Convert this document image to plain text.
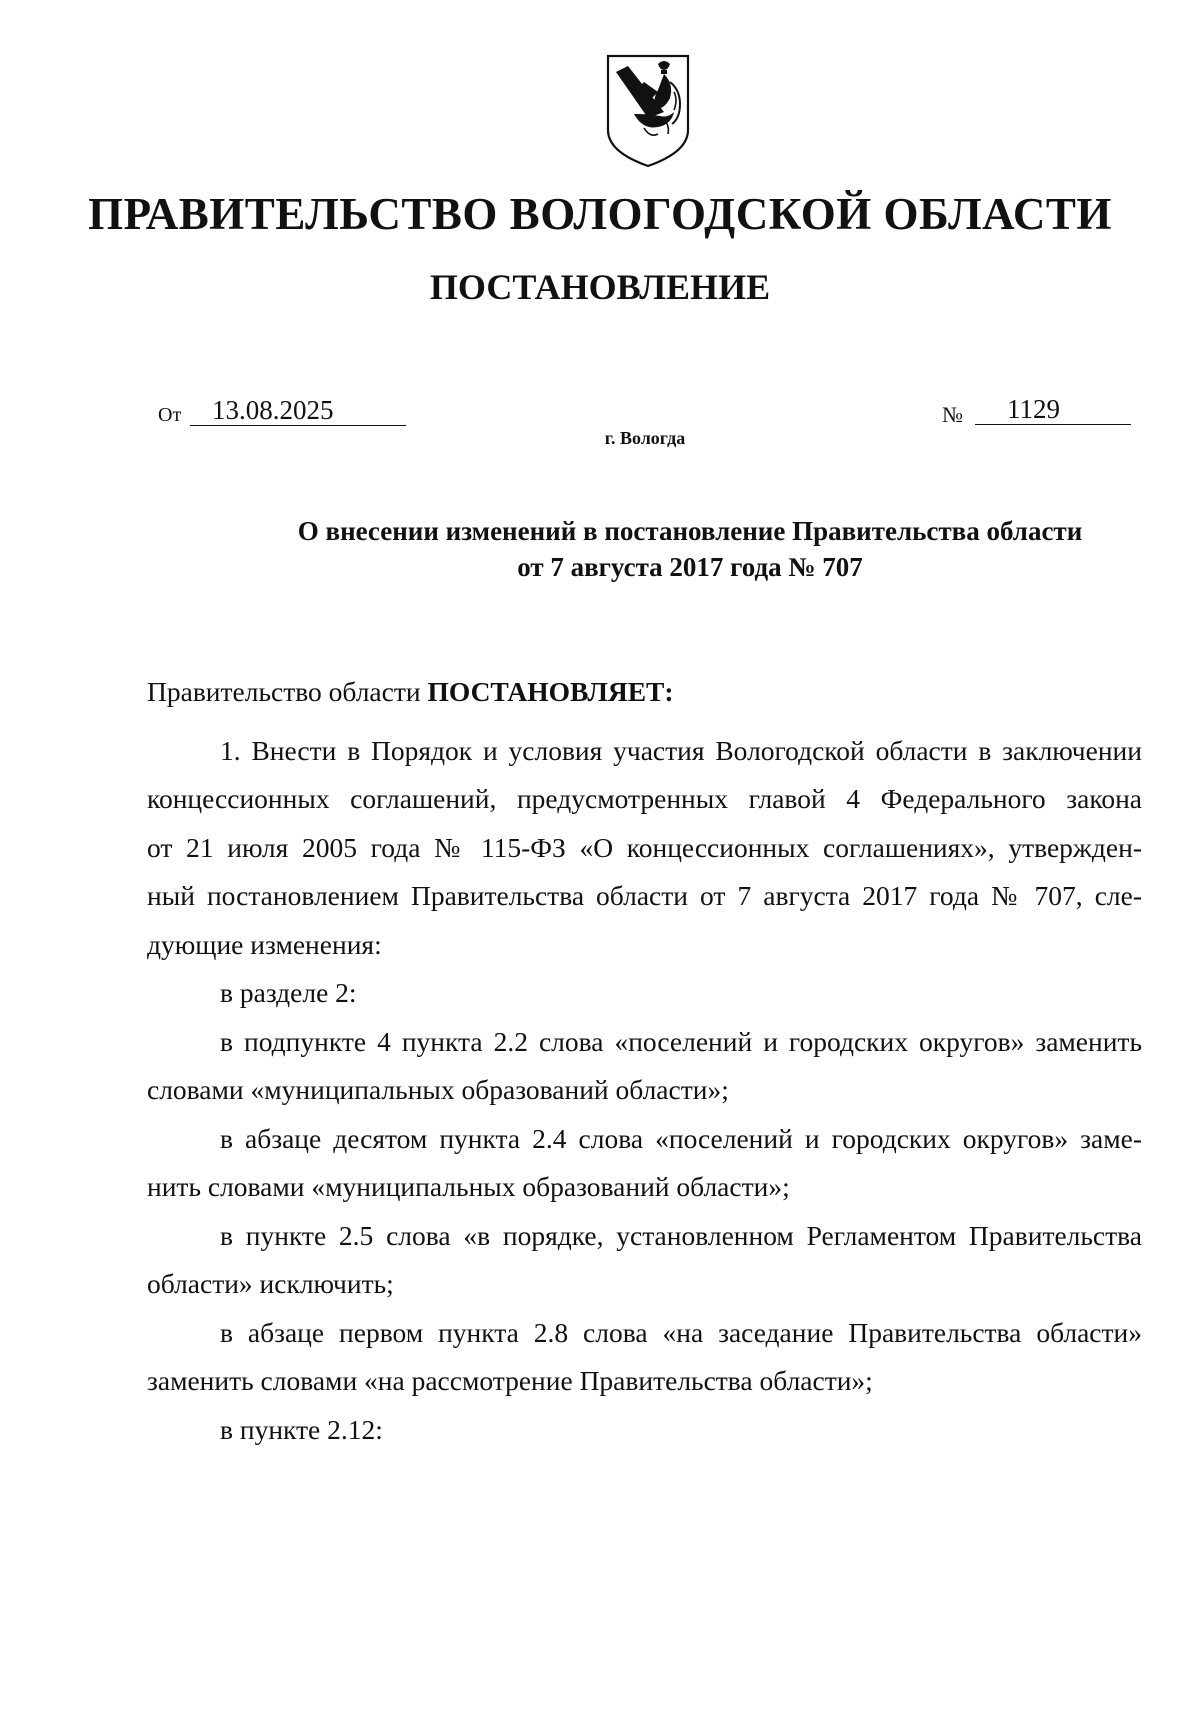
ПРАВИТЕЛЬСТВО ВОЛОГОДСКОЙ ОБЛАСТИ
ПОСТАНОВЛЕНИЕ
От	13.08.2025	№	1129
г. Вологда
О внесении изменений в постановление Правительства области
от 7 августа 2017 года № 707
Правительство области ПОСТАНОВЛЯЕТ:
1. Внести в Порядок и условия участия Вологодской области в заключении
концессионных соглашений, предусмотренных главой 4 Федерального закона
от 21 июля 2005 года № 115-ФЗ «О концессионных соглашениях», утвержден-
ный постановлением Правительства области от 7 августа 2017 года № 707, сле-
дующие изменения:
в разделе 2:
в подпункте 4 пункта 2.2 слова «поселений и городских округов» заменить
словами «муниципальных образований области»;
в абзаце десятом пункта 2.4 слова «поселений и городских округов» заме-
нить словами «муниципальных образований области»;
в пункте 2.5 слова «в порядке, установленном Регламентом Правительства
области» исключить;
в абзаце первом пункта 2.8 слова «на заседание Правительства области»
заменить словами «на рассмотрение Правительства области»;
в пункте 2.12:
